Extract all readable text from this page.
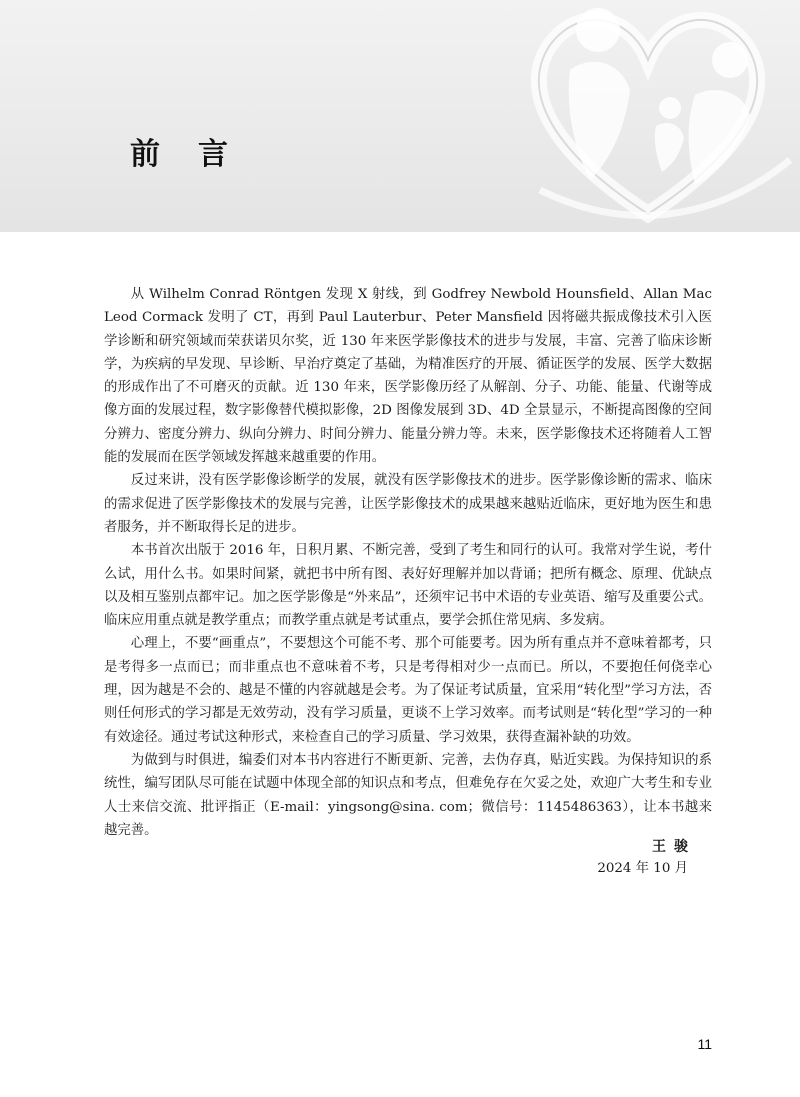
前言

从 Wilhelm Conrad Röntgen 发现 X 射线，到 Godfrey Newbold Hounsfield、Allan MacLeod Cormack 发明了 CT，再到 Paul Lauterbur、Peter Mansfield 因将磁共振成像技术引入医学诊断和研究领域而荣获诺贝尔奖，近 130 年来医学影像技术的进步与发展，丰富、完善了临床诊断学，为疾病的早发现、早诊断、早治疗奠定了基础，为精准医疗的开展、循证医学的发展、医学大数据的形成作出了不可磨灭的贡献。近 130 年来，医学影像历经了从解剖、分子、功能、能量、代谢等成像方面的发展过程，数字影像替代模拟影像，2D 图像发展到 3D、4D 全景显示，不断提高图像的空间分辨力、密度分辨力、纵向分辨力、时间分辨力、能量分辨力等。未来，医学影像技术还将随着人工智能的发展而在医学领域发挥越来越重要的作用。

反过来讲，没有医学影像诊断学的发展，就没有医学影像技术的进步。医学影像诊断的需求、临床的需求促进了医学影像技术的发展与完善，让医学影像技术的成果越来越贴近临床，更好地为医生和患者服务，并不断取得长足的进步。

本书首次出版于 2016 年，日积月累、不断完善，受到了考生和同行的认可。我常对学生说，考什么试，用什么书。如果时间紧，就把书中所有图、表好好理解并加以背诵；把所有概念、原理、优缺点以及相互鉴别点都牢记。加之医学影像是“外来品”，还须牢记书中术语的专业英语、缩写及重要公式。临床应用重点就是教学重点；而教学重点就是考试重点，要学会抓住常见病、多发病。

心理上，不要“画重点”，不要想这个可能不考、那个可能要考。因为所有重点并不意味着都考，只是考得多一点而已；而非重点也不意味着不考，只是考得相对少一点而已。所以，不要抱任何侥幸心理，因为越是不会的、越是不懂的内容就越是会考。为了保证考试质量，宜采用“转化型”学习方法，否则任何形式的学习都是无效劳动，没有学习质量，更谈不上学习效率。而考试则是“转化型”学习的一种有效途径。通过考试这种形式，来检查自己的学习质量、学习效果，获得查漏补缺的功效。

为做到与时俱进，编委们对本书内容进行不断更新、完善，去伪存真，贴近实践。为保持知识的系统性，编写团队尽可能在试题中体现全部的知识点和考点，但难免存在欠妥之处，欢迎广大考生和专业人士来信交流、批评指正（E-mail：yingsong@sina. com；微信号：1145486363），让本书越来越完善。

王骏
2024 年 10 月
11
